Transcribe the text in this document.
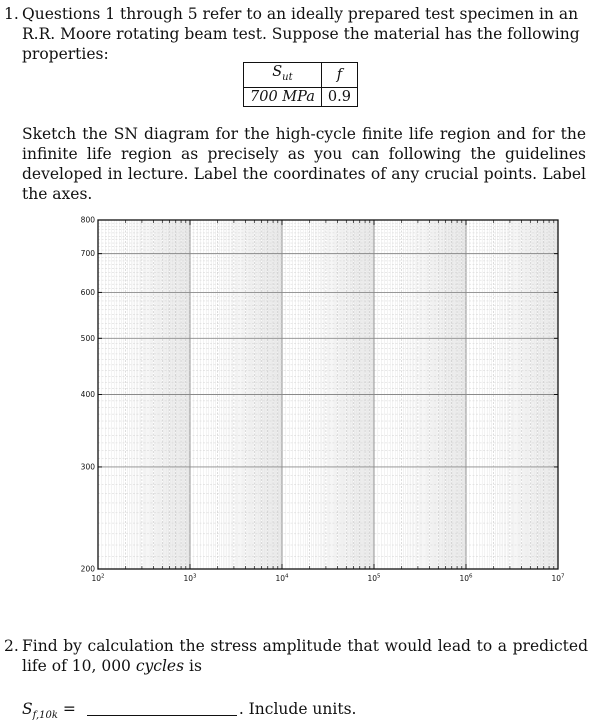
1. Questions 1 through 5 refer to an ideally prepared test specimen in an R.R. Moore rotating beam test. Suppose the material has the following properties:
$S_{ut}$	f
700 MPa	0.9
Sketch the SN diagram for the high-cycle finite life region and for the infinite life region as precisely as you can following the guidelines developed in lecture. Label the coordinates of any crucial points. Label the axes.
800
700
600
500
400
300
200
$10^2$	$10^3$	$10^4$	$10^5$	$10^6$	$10^7$
2. Find by calculation the stress amplitude that would lead to a predicted life of 10, 000 cycles is
$S_{f,10k}$ =	. Include units.
